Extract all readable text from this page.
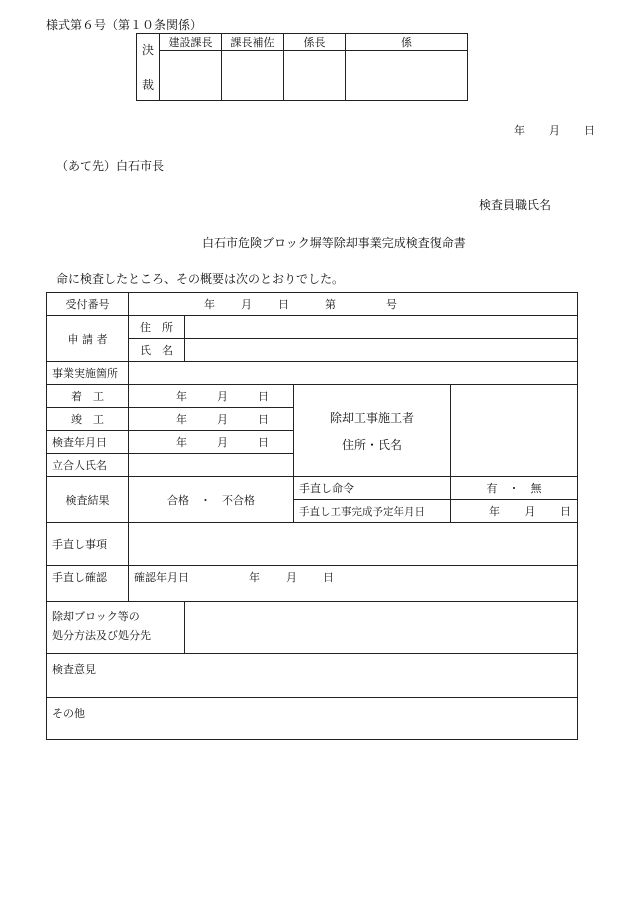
様式第６号（第１０条関係）
決
裁	建設課長	課長補佐	係長	係

年 月 日
（あて先）白石市長
検査員職氏名
白石市危険ブロック塀等除却事業完成検査復命書
命に検査したところ、その概要は次のとおりでした。
受付番号	年 月 日 第 号			
申 請 者	住　所			
	氏　名			
事業実施箇所				
着　工	年 月 日		除却工事施工者
住所・氏名	

竣　工	年 月 日			
検査年月日	年 月 日			
立合人氏名				
検査結果	合格　・　不合格		手直し命令	有　・　無
			手直し工事完成予定年月日	年 月 日

手直し事項				
手直し確認	確認年月日 年 月 日			

除却ブロック等の
処分方法及び処分先				

検査意見				
その他				
